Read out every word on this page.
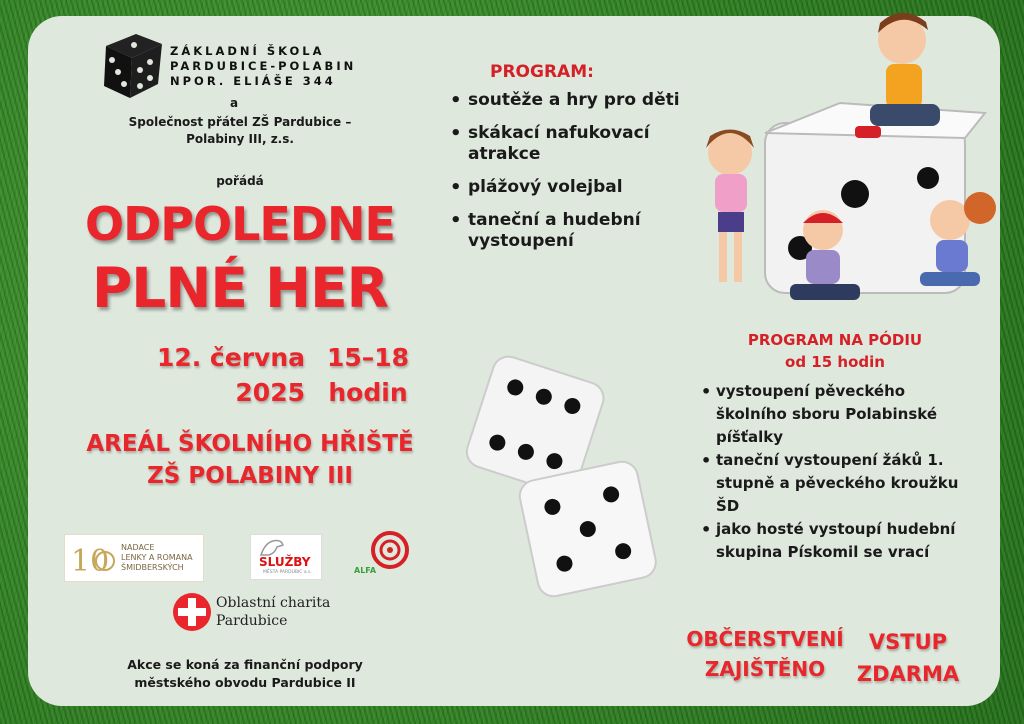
ZÁKLADNÍ ŠKOLA
PARDUBICE-POLABIN
NPOR. ELIÁŠE 344
a
Společnost přátel ZŠ Pardubice –
Polabiny III, z.s.
pořádá
ODPOLEDNE
PLNÉ HER
12. června
2025
15–18
hodin
AREÁL ŠKOLNÍHO HŘIŠTĚ
ZŠ POLABINY III
PROGRAM:
• soutěže a hry pro děti
• skákací nafukovací atrakce
• plážový volejbal
• taneční a hudební vystoupení
PROGRAM NA PÓDIU
od 15 hodin
• vystoupení pěveckého školního sboru Polabinské píšťalky
• taneční vystoupení žáků 1. stupně a pěveckého kroužku ŠD
• jako hosté vystoupí hudební skupina Pískomil se vrací
OBČERSTVENÍ
ZAJIŠTĚNO
VSTUP
ZDARMA
10 NADACE
LENKY A ROMANA
ŠMIDBERSKÝCH	SLUŽBY
MĚSTA PARDUBIC a.s.	ALFA
Oblastní charita
Pardubice
Akce se koná za finanční podpory
městského obvodu Pardubice II
